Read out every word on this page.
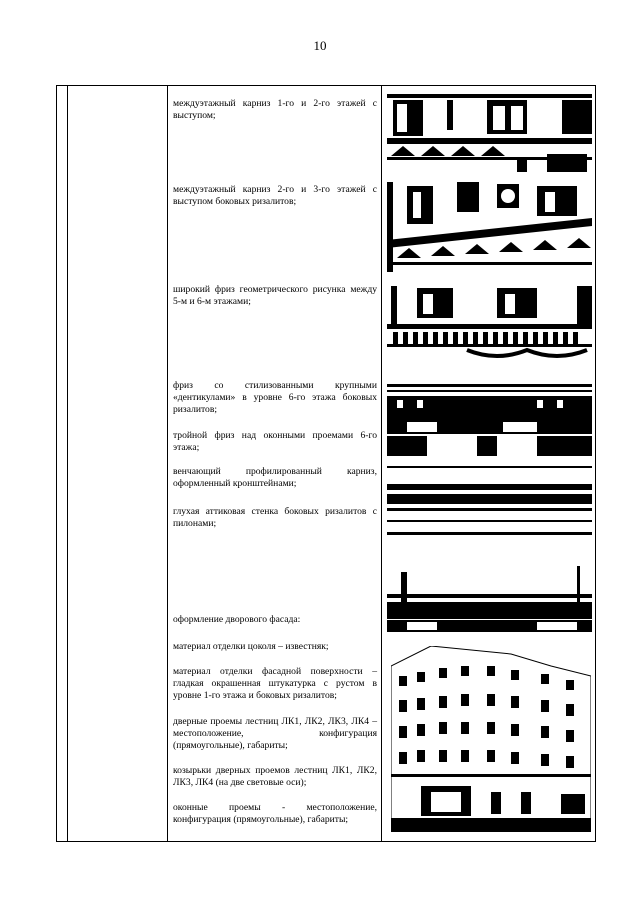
10

междуэтажный карниз 1-го и 2-го этажей с выступом;

междуэтажный карниз 2-го и 3-го этажей с выступом боковых ризалитов;

широкий фриз геометрического рисунка между 5-м и 6-м этажами;

фриз со стилизованными крупными «дентикулами» в уровне 6-го этажа боковых ризалитов;

тройной фриз над оконными проемами 6-го этажа;

венчающий профилированный карниз, оформленный кронштейнами;

глухая аттиковая стенка боковых ризалитов с пилонами;

оформление дворового фасада:

материал отделки цоколя – известняк;

материал отделки фасадной поверхности – гладкая окрашенная штукатурка с рустом в уровне 1-го этажа и боковых ризалитов;

дверные проемы лестниц ЛК1, ЛК2, ЛК3, ЛК4 – местоположение, конфигурация (прямоугольные), габариты;

козырьки дверных проемов лестниц ЛК1, ЛК2, ЛК3, ЛК4 (на две световые оси);

оконные проемы - местоположение, конфигурация (прямоугольные), габариты;
